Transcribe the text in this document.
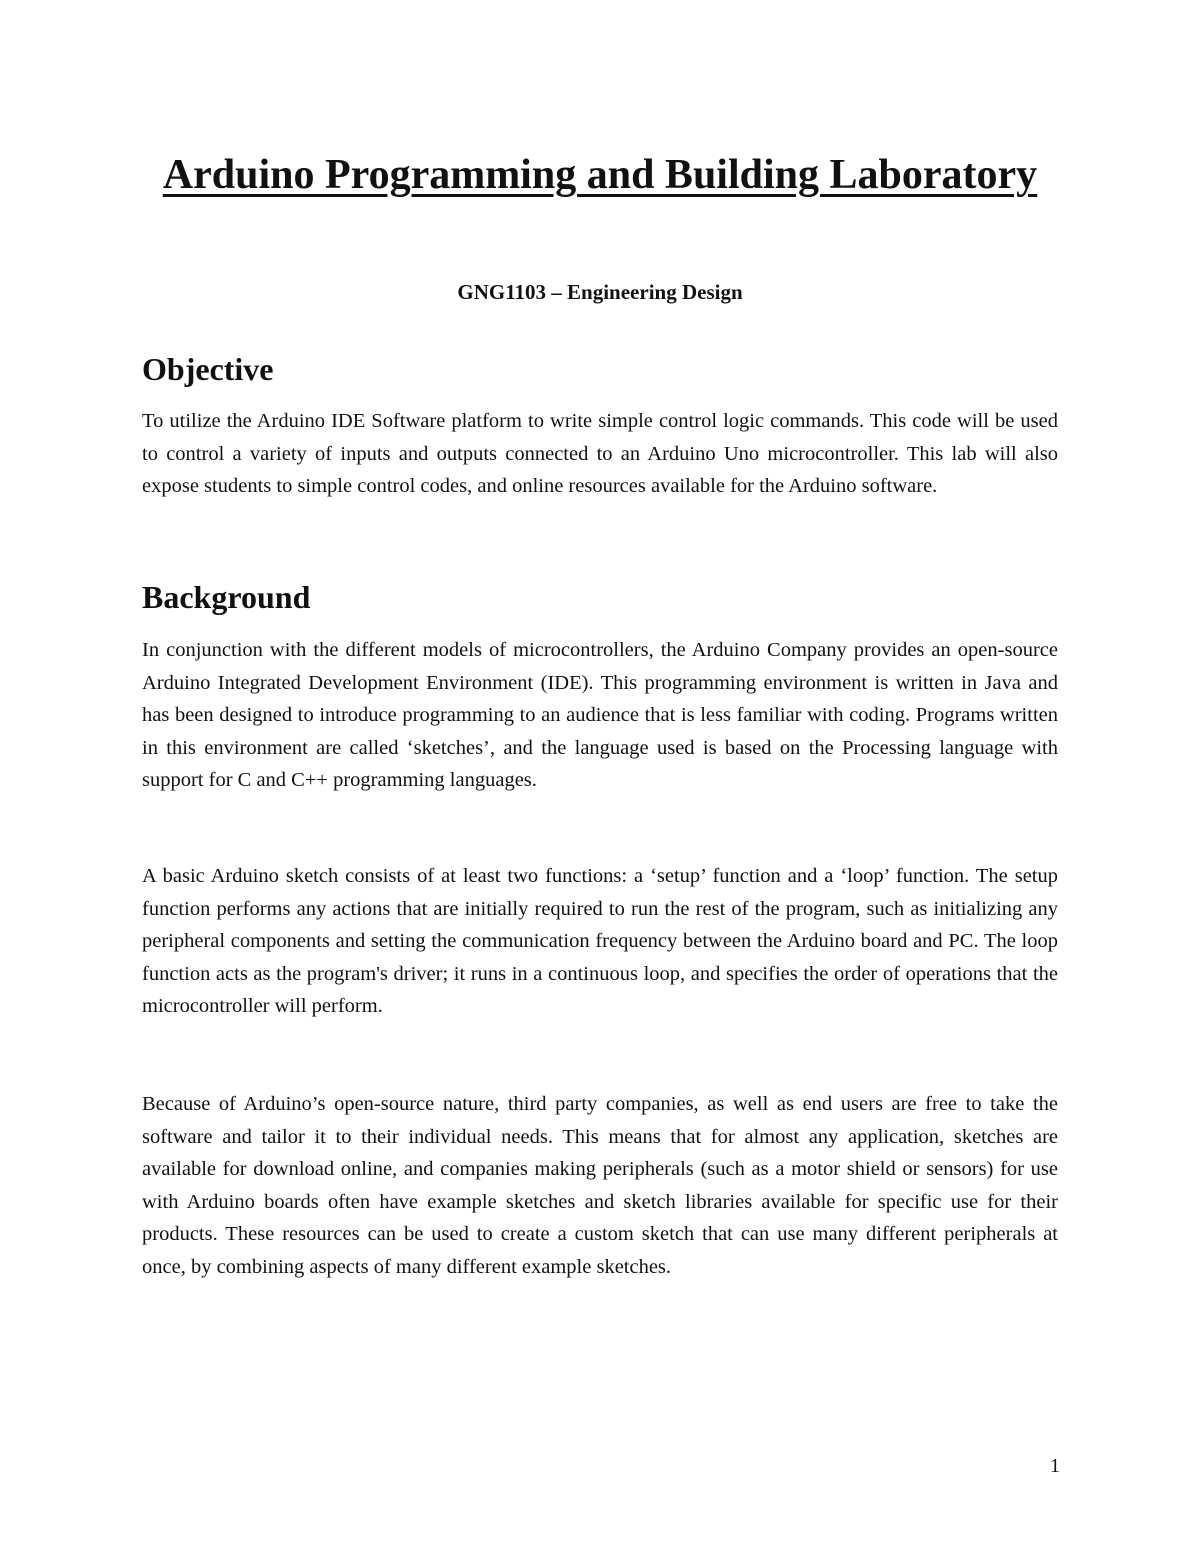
Arduino Programming and Building Laboratory
GNG1103 – Engineering Design
Objective

To utilize the Arduino IDE Software platform to write simple control logic commands. This code will be used to control a variety of inputs and outputs connected to an Arduino Uno microcontroller. This lab will also expose students to simple control codes, and online resources available for the Arduino software.

Background

In conjunction with the different models of microcontrollers, the Arduino Company provides an open-source Arduino Integrated Development Environment (IDE). This programming environment is written in Java and has been designed to introduce programming to an audience that is less familiar with coding. Programs written in this environment are called ‘sketches’, and the language used is based on the Processing language with support for C and C++ programming languages.

A basic Arduino sketch consists of at least two functions: a ‘setup’ function and a ‘loop’ function. The setup function performs any actions that are initially required to run the rest of the program, such as initializing any peripheral components and setting the communication frequency between the Arduino board and PC. The loop function acts as the program's driver; it runs in a continuous loop, and specifies the order of operations that the microcontroller will perform.

Because of Arduino’s open-source nature, third party companies, as well as end users are free to take the software and tailor it to their individual needs. This means that for almost any application, sketches are available for download online, and companies making peripherals (such as a motor shield or sensors) for use with Arduino boards often have example sketches and sketch libraries available for specific use for their products. These resources can be used to create a custom sketch that can use many different peripherals at once, by combining aspects of many different example sketches.

1
